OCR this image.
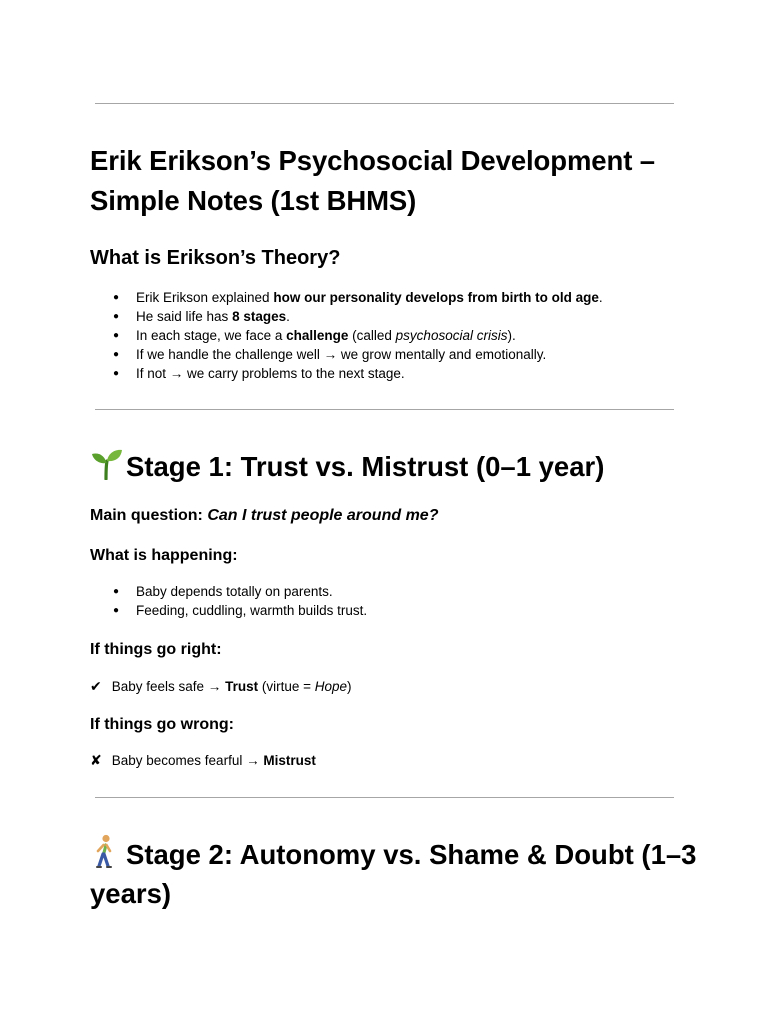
Erik Erikson’s Psychosocial Development – Simple Notes (1st BHMS)
What is Erikson’s Theory?
● Erik Erikson explained how our personality develops from birth to old age.
● He said life has 8 stages.
● In each stage, we face a challenge (called psychosocial crisis).
● If we handle the challenge well → we grow mentally and emotionally.
● If not → we carry problems to the next stage.
Stage 1: Trust vs. Mistrust (0–1 year)

Main question: Can I trust people around me?

What is happening:

● Baby depends totally on parents.
● Feeding, cuddling, warmth builds trust.

If things go right:

✔ Baby feels safe → Trust (virtue = Hope)

If things go wrong:

✘ Baby becomes fearful → Mistrust

Stage 2: Autonomy vs. Shame & Doubt (1–3 years)
